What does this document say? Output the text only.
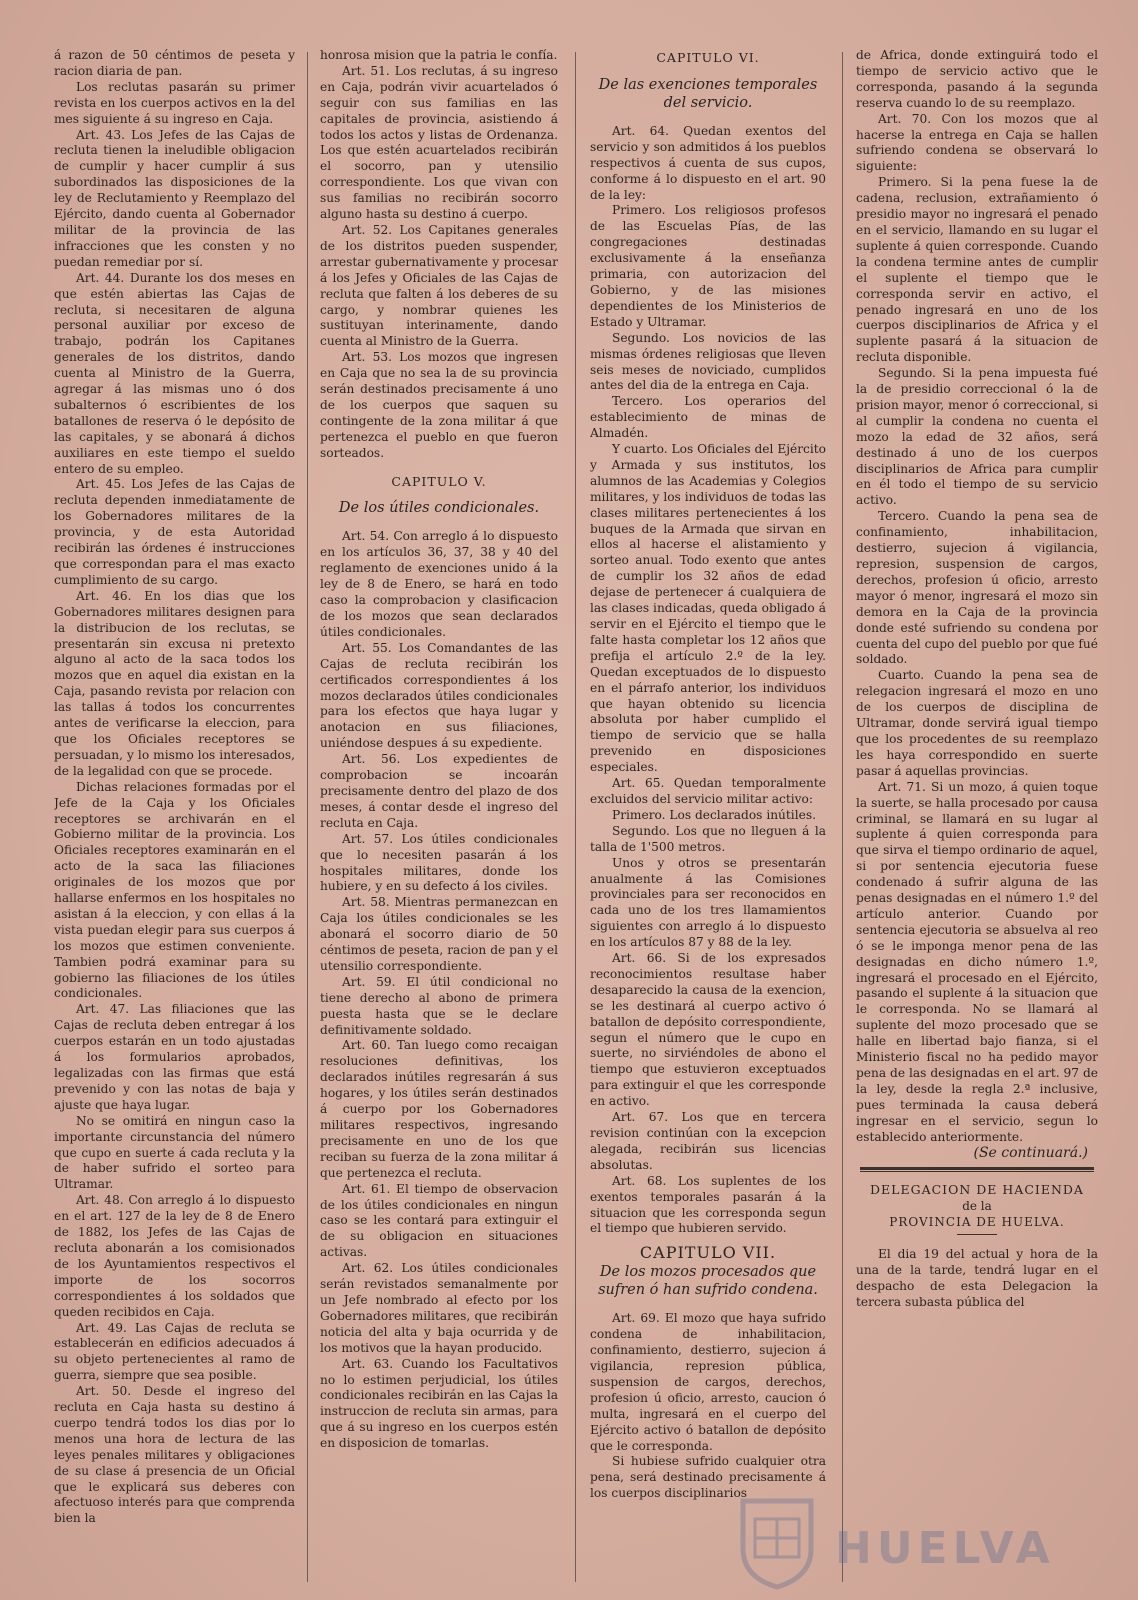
á razon de 50 céntimos de peseta y racion diaria de pan.

Los reclutas pasarán su primer revista en los cuerpos activos en la del mes siguiente á su ingreso en Caja.

Art. 43. Los Jefes de las Cajas de recluta tienen la ineludible obligacion de cumplir y hacer cumplir á sus subordinados las disposiciones de la ley de Reclutamiento y Reemplazo del Ejército, dando cuenta al Gobernador militar de la provincia de las infracciones que les consten y no puedan remediar por sí.

Art. 44. Durante los dos meses en que estén abiertas las Cajas de recluta, si necesitaren de alguna personal auxiliar por exceso de trabajo, podrán los Capitanes generales de los distritos, dando cuenta al Ministro de la Guerra, agregar á las mismas uno ó dos subalternos ó escribientes de los batallones de reserva ó le depósito de las capitales, y se abonará á dichos auxiliares en este tiempo el sueldo entero de su empleo.

Art. 45. Los Jefes de las Cajas de recluta dependen inmediatamente de los Gobernadores militares de la provincia, y de esta Autoridad recibirán las órdenes é instrucciones que correspondan para el mas exacto cumplimiento de su cargo.

Art. 46. En los dias que los Gobernadores militares designen para la distribucion de los reclutas, se presentarán sin excusa ni pretexto alguno al acto de la saca todos los mozos que en aquel dia existan en la Caja, pasando revista por relacion con las tallas á todos los concurrentes antes de verificarse la eleccion, para que los Oficiales receptores se persuadan, y lo mismo los interesados, de la legalidad con que se procede.

Dichas relaciones formadas por el Jefe de la Caja y los Oficiales receptores se archivarán en el Gobierno militar de la provincia. Los Oficiales receptores examinarán en el acto de la saca las filiaciones originales de los mozos que por hallarse enfermos en los hospitales no asistan á la eleccion, y con ellas á la vista puedan elegir para sus cuerpos á los mozos que estimen conveniente. Tambien podrá examinar para su gobierno las filiaciones de los útiles condicionales.

Art. 47. Las filiaciones que las Cajas de recluta deben entregar á los cuerpos estarán en un todo ajustadas á los formularios aprobados, legalizadas con las firmas que está prevenido y con las notas de baja y ajuste que haya lugar.

No se omitirá en ningun caso la importante circunstancia del número que cupo en suerte á cada recluta y la de haber sufrido el sorteo para Ultramar.

Art. 48. Con arreglo á lo dispuesto en el art. 127 de la ley de 8 de Enero de 1882, los Jefes de las Cajas de recluta abonarán a los comisionados de los Ayuntamientos respectivos el importe de los socorros correspondientes á los soldados que queden recibidos en Caja.

Art. 49. Las Cajas de recluta se establecerán en edificios adecuados á su objeto pertenecientes al ramo de guerra, siempre que sea posible.

Art. 50. Desde el ingreso del recluta en Caja hasta su destino á cuerpo tendrá todos los dias por lo menos una hora de lectura de las leyes penales militares y obligaciones de su clase á presencia de un Oficial que le explicará sus deberes con afectuoso interés para que comprenda bien la

honrosa mision que la patria le confía.

Art. 51. Los reclutas, á su ingreso en Caja, podrán vivir acuartelados ó seguir con sus familias en las capitales de provincia, asistiendo á todos los actos y listas de Ordenanza. Los que estén acuartelados recibirán el socorro, pan y utensilio correspondiente. Los que vivan con sus familias no recibirán socorro alguno hasta su destino á cuerpo.

Art. 52. Los Capitanes generales de los distritos pueden suspender, arrestar gubernativamente y procesar á los Jefes y Oficiales de las Cajas de recluta que falten á los deberes de su cargo, y nombrar quienes les sustituyan interinamente, dando cuenta al Ministro de la Guerra.

Art. 53. Los mozos que ingresen en Caja que no sea la de su provincia serán destinados precisamente á uno de los cuerpos que saquen su contingente de la zona militar á que pertenezca el pueblo en que fueron sorteados.

CAPITULO V.
De los útiles condicionales.

Art. 54. Con arreglo á lo dispuesto en los artículos 36, 37, 38 y 40 del reglamento de exenciones unido á la ley de 8 de Enero, se hará en todo caso la comprobacion y clasificacion de los mozos que sean declarados útiles condicionales.

Art. 55. Los Comandantes de las Cajas de recluta recibirán los certificados correspondientes á los mozos declarados útiles condicionales para los efectos que haya lugar y anotacion en sus filiaciones, uniéndose despues á su expediente.

Art. 56. Los expedientes de comprobacion se incoarán precisamente dentro del plazo de dos meses, á contar desde el ingreso del recluta en Caja.

Art. 57. Los útiles condicionales que lo necesiten pasarán á los hospitales militares, donde los hubiere, y en su defecto á los civiles.

Art. 58. Mientras permanezcan en Caja los útiles condicionales se les abonará el socorro diario de 50 céntimos de peseta, racion de pan y el utensilio correspondiente.

Art. 59. El útil condicional no tiene derecho al abono de primera puesta hasta que se le declare definitivamente soldado.

Art. 60. Tan luego como recaigan resoluciones definitivas, los declarados inútiles regresarán á sus hogares, y los útiles serán destinados á cuerpo por los Gobernadores militares respectivos, ingresando precisamente en uno de los que reciban su fuerza de la zona militar á que pertenezca el recluta.

Art. 61. El tiempo de observacion de los útiles condicionales en ningun caso se les contará para extinguir el de su obligacion en situaciones activas.

Art. 62. Los útiles condicionales serán revistados semanalmente por un Jefe nombrado al efecto por los Gobernadores militares, que recibirán noticia del alta y baja ocurrida y de los motivos que la hayan producido.

Art. 63. Cuando los Facultativos no lo estimen perjudicial, los útiles condicionales recibirán en las Cajas la instruccion de recluta sin armas, para que á su ingreso en los cuerpos estén en disposicion de tomarlas.

CAPITULO VI.
De las exenciones temporales del servicio.

Art. 64. Quedan exentos del servicio y son admitidos á los pueblos respectivos á cuenta de sus cupos, conforme á lo dispuesto en el art. 90 de la ley:

Primero. Los religiosos profesos de las Escuelas Pías, de las congregaciones destinadas exclusivamente á la enseñanza primaria, con autorizacion del Gobierno, y de las misiones dependientes de los Ministerios de Estado y Ultramar.

Segundo. Los novicios de las mismas órdenes religiosas que lleven seis meses de noviciado, cumplidos antes del dia de la entrega en Caja.

Tercero. Los operarios del establecimiento de minas de Almadén.

Y cuarto. Los Oficiales del Ejército y Armada y sus institutos, los alumnos de las Academias y Colegios militares, y los individuos de todas las clases militares pertenecientes á los buques de la Armada que sirvan en ellos al hacerse el alistamiento y sorteo anual. Todo exento que antes de cumplir los 32 años de edad dejase de pertenecer á cualquiera de las clases indicadas, queda obligado á servir en el Ejército el tiempo que le falte hasta completar los 12 años que prefija el artículo 2.º de la ley. Quedan exceptuados de lo dispuesto en el párrafo anterior, los individuos que hayan obtenido su licencia absoluta por haber cumplido el tiempo de servicio que se halla prevenido en disposiciones especiales.

Art. 65. Quedan temporalmente excluidos del servicio militar activo:

Primero. Los declarados inútiles.

Segundo. Los que no lleguen á la talla de 1'500 metros.

Unos y otros se presentarán anualmente á las Comisiones provinciales para ser reconocidos en cada uno de los tres llamamientos siguientes con arreglo á lo dispuesto en los artículos 87 y 88 de la ley.

Art. 66. Si de los expresados reconocimientos resultase haber desaparecido la causa de la exencion, se les destinará al cuerpo activo ó batallon de depósito correspondiente, segun el número que le cupo en suerte, no sirviéndoles de abono el tiempo que estuvieron exceptuados para extinguir el que les corresponde en activo.

Art. 67. Los que en tercera revision continúan con la excepcion alegada, recibirán sus licencias absolutas.

Art. 68. Los suplentes de los exentos temporales pasarán á la situacion que les corresponda segun el tiempo que hubieren servido.

CAPITULO VII.
De los mozos procesados que sufren ó han sufrido condena.

Art. 69. El mozo que haya sufrido condena de inhabilitacion, confinamiento, destierro, sujecion á vigilancia, represion pública, suspension de cargos, derechos, profesion ú oficio, arresto, caucion ó multa, ingresará en el cuerpo del Ejército activo ó batallon de depósito que le corresponda.

Si hubiese sufrido cualquier otra pena, será destinado precisamente á los cuerpos disciplinarios

de Africa, donde extinguirá todo el tiempo de servicio activo que le corresponda, pasando á la segunda reserva cuando lo de su reemplazo.

Art. 70. Con los mozos que al hacerse la entrega en Caja se hallen sufriendo condena se observará lo siguiente:

Primero. Si la pena fuese la de cadena, reclusion, extrañamiento ó presidio mayor no ingresará el penado en el servicio, llamando en su lugar el suplente á quien corresponde. Cuando la condena termine antes de cumplir el suplente el tiempo que le corresponda servir en activo, el penado ingresará en uno de los cuerpos disciplinarios de Africa y el suplente pasará á la situacion de recluta disponible.

Segundo. Si la pena impuesta fué la de presidio correccional ó la de prision mayor, menor ó correccional, si al cumplir la condena no cuenta el mozo la edad de 32 años, será destinado á uno de los cuerpos disciplinarios de Africa para cumplir en él todo el tiempo de su servicio activo.

Tercero. Cuando la pena sea de confinamiento, inhabilitacion, destierro, sujecion á vigilancia, represion, suspension de cargos, derechos, profesion ú oficio, arresto mayor ó menor, ingresará el mozo sin demora en la Caja de la provincia donde esté sufriendo su condena por cuenta del cupo del pueblo por que fué soldado.

Cuarto. Cuando la pena sea de relegacion ingresará el mozo en uno de los cuerpos de disciplina de Ultramar, donde servirá igual tiempo que los procedentes de su reemplazo les haya correspondido en suerte pasar á aquellas provincias.

Art. 71. Si un mozo, á quien toque la suerte, se halla procesado por causa criminal, se llamará en su lugar al suplente á quien corresponda para que sirva el tiempo ordinario de aquel, si por sentencia ejecutoria fuese condenado á sufrir alguna de las penas designadas en el número 1.º del artículo anterior. Cuando por sentencia ejecutoria se absuelva al reo ó se le imponga menor pena de las designadas en dicho número 1.º, ingresará el procesado en el Ejército, pasando el suplente á la situacion que le corresponda. No se llamará al suplente del mozo procesado que se halle en libertad bajo fianza, si el Ministerio fiscal no ha pedido mayor pena de las designadas en el art. 97 de la ley, desde la regla 2.ª inclusive, pues terminada la causa deberá ingresar en el servicio, segun lo establecido anteriormente.

(Se continuará.)
DELEGACION DE HACIENDA
de la
PROVINCIA DE HUELVA.

El dia 19 del actual y hora de la una de la tarde, tendrá lugar en el despacho de esta Delegacion la tercera subasta pública del

HUELVA
